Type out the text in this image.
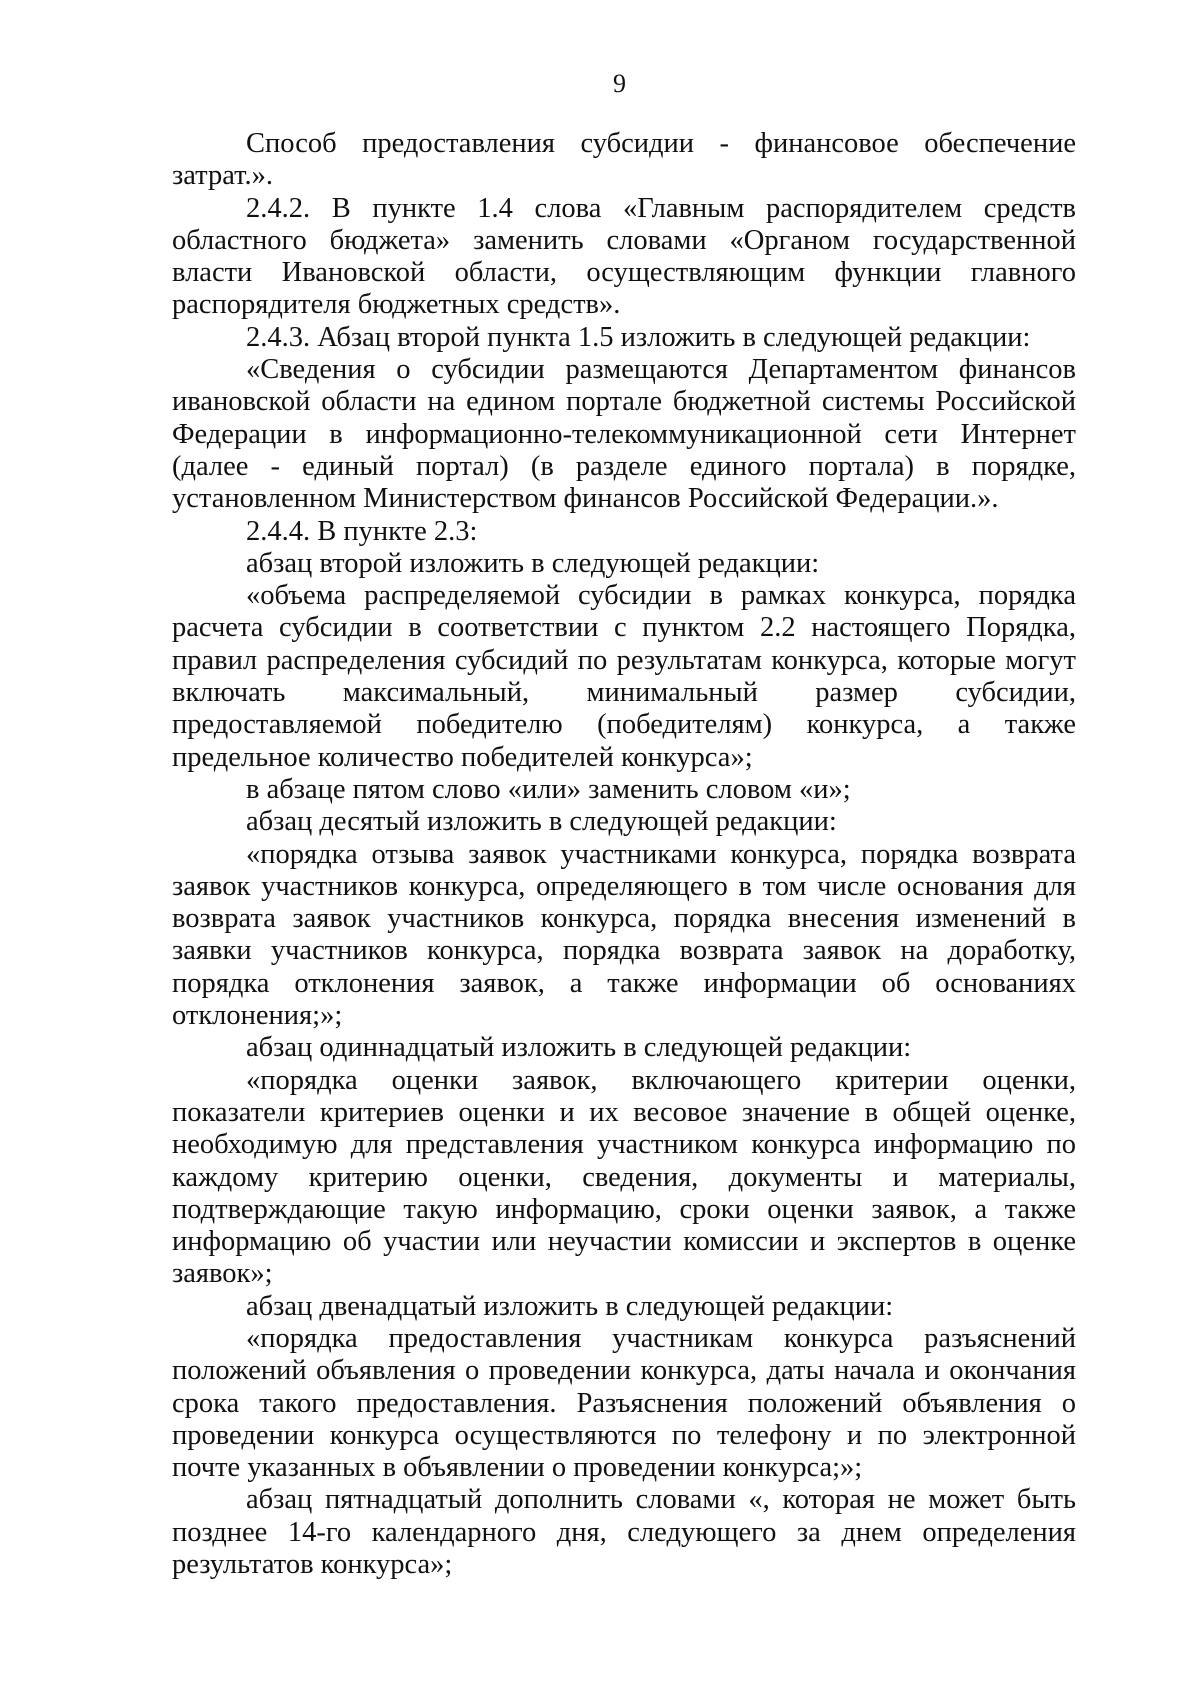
9

Способ предоставления субсидии - финансовое обеспечение затрат.».

2.4.2. В пункте 1.4 слова «Главным распорядителем средств областного бюджета» заменить словами «Органом государственной власти Ивановской области, осуществляющим функции главного распорядителя бюджетных средств».

2.4.3. Абзац второй пункта 1.5 изложить в следующей редакции:

«Сведения о субсидии размещаются Департаментом финансов ивановской области на едином портале бюджетной системы Российской Федерации в информационно-телекоммуникационной сети Интернет (далее - единый портал) (в разделе единого портала) в порядке, установленном Министерством финансов Российской Федерации.».

2.4.4. В пункте 2.3:

абзац второй изложить в следующей редакции:

«объема распределяемой субсидии в рамках конкурса, порядка расчета субсидии в соответствии с пунктом 2.2 настоящего Порядка, правил распределения субсидий по результатам конкурса, которые могут включать максимальный, минимальный размер субсидии, предоставляемой победителю (победителям) конкурса, а также предельное количество победителей конкурса»;

в абзаце пятом слово «или» заменить словом «и»;

абзац десятый изложить в следующей редакции:

«порядка отзыва заявок участниками конкурса, порядка возврата заявок участников конкурса, определяющего в том числе основания для возврата заявок участников конкурса, порядка внесения изменений в заявки участников конкурса, порядка возврата заявок на доработку, порядка отклонения заявок, а также информации об основаниях отклонения;»;

абзац одиннадцатый изложить в следующей редакции:

«порядка оценки заявок, включающего критерии оценки, показатели критериев оценки и их весовое значение в общей оценке, необходимую для представления участником конкурса информацию по каждому критерию оценки, сведения, документы и материалы, подтверждающие такую информацию, сроки оценки заявок, а также информацию об участии или неучастии комиссии и экспертов в оценке заявок»;

абзац двенадцатый изложить в следующей редакции:

«порядка предоставления участникам конкурса разъяснений положений объявления о проведении конкурса, даты начала и окончания срока такого предоставления. Разъяснения положений объявления о проведении конкурса осуществляются по телефону и по электронной почте указанных в объявлении о проведении конкурса;»;

абзац пятнадцатый дополнить словами «, которая не может быть позднее 14-го календарного дня, следующего за днем определения результатов конкурса»;
